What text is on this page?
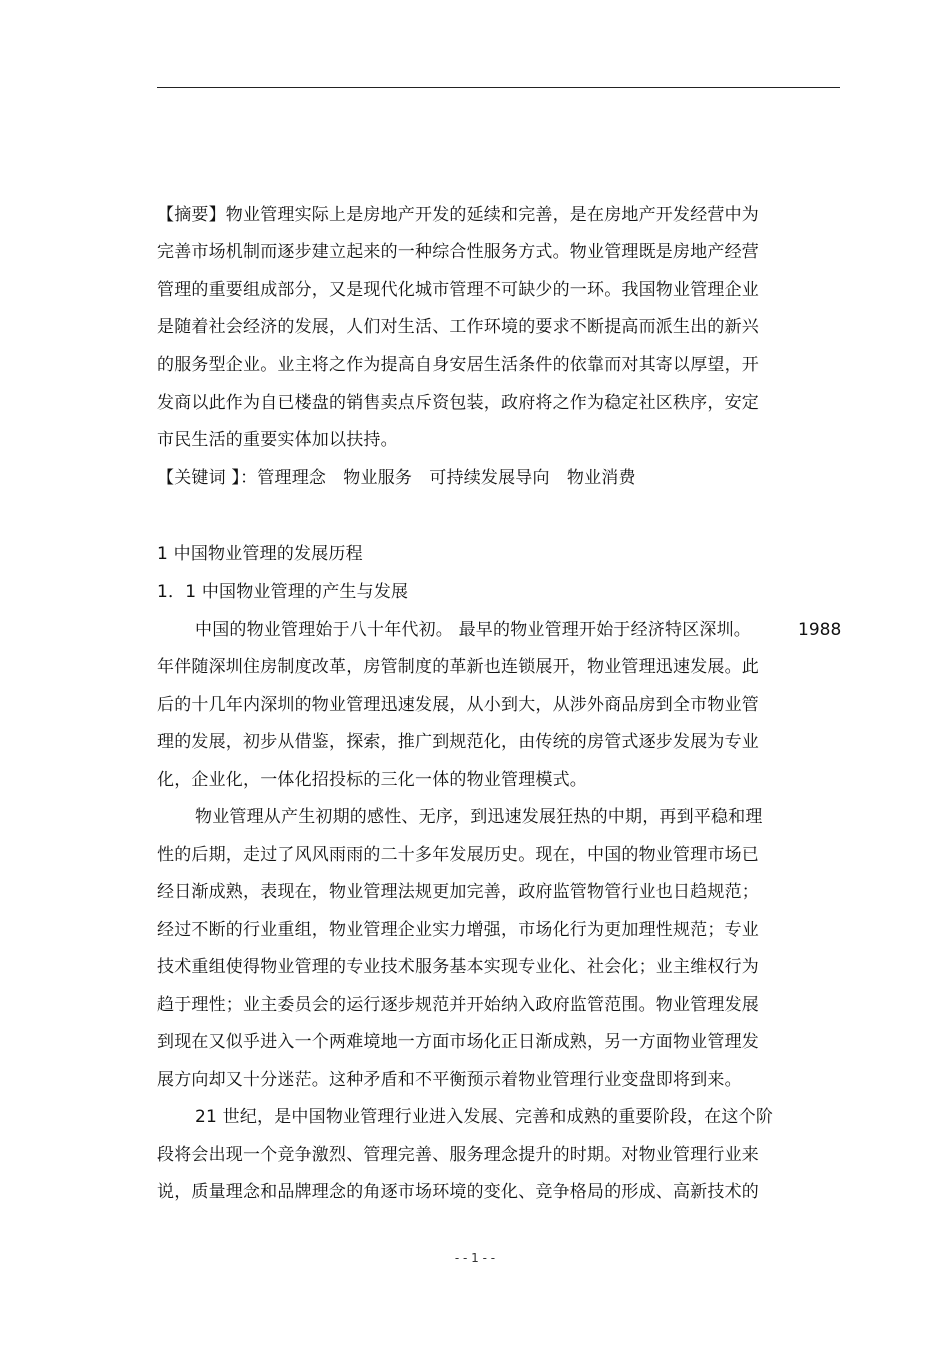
【摘要】物业管理实际上是房地产开发的延续和完善，是在房地产开发经营中为
完善市场机制而逐步建立起来的一种综合性服务方式。物业管理既是房地产经营
管理的重要组成部分，又是现代化城市管理不可缺少的一环。我国物业管理企业
是随着社会经济的发展，人们对生活、工作环境的要求不断提高而派生出的新兴
的服务型企业。业主将之作为提高自身安居生活条件的依靠而对其寄以厚望，开
发商以此作为自已楼盘的销售卖点斥资包装，政府将之作为稳定社区秩序，安定
市民生活的重要实体加以扶持。
【关键词 】：管理理念　物业服务　可持续发展导向　物业消费
1 中国物业管理的发展历程
1．1 中国物业管理的产生与发展
中国的物业管理始于八十年代初。 最早的物业管理开始于经济特区深圳。	1988
年伴随深圳住房制度改革，房管制度的革新也连锁展开，物业管理迅速发展。此
后的十几年内深圳的物业管理迅速发展，从小到大，从涉外商品房到全市物业管
理的发展，初步从借鉴，探索，推广到规范化，由传统的房管式逐步发展为专业
化，企业化，一体化招投标的三化一体的物业管理模式。
物业管理从产生初期的感性、无序，到迅速发展狂热的中期，再到平稳和理
性的后期，走过了风风雨雨的二十多年发展历史。现在，中国的物业管理市场已
经日渐成熟，表现在，物业管理法规更加完善，政府监管物管行业也日趋规范；
经过不断的行业重组，物业管理企业实力增强，市场化行为更加理性规范；专业
技术重组使得物业管理的专业技术服务基本实现专业化、社会化；业主维权行为
趋于理性；业主委员会的运行逐步规范并开始纳入政府监管范围。物业管理发展
到现在又似乎进入一个两难境地一方面市场化正日渐成熟，另一方面物业管理发
展方向却又十分迷茫。这种矛盾和不平衡预示着物业管理行业变盘即将到来。
21 世纪，是中国物业管理行业进入发展、完善和成熟的重要阶段，在这个阶
段将会出现一个竞争激烈、管理完善、服务理念提升的时期。对物业管理行业来
说，质量理念和品牌理念的角逐市场环境的变化、竞争格局的形成、高新技术的
- - 1 - -
